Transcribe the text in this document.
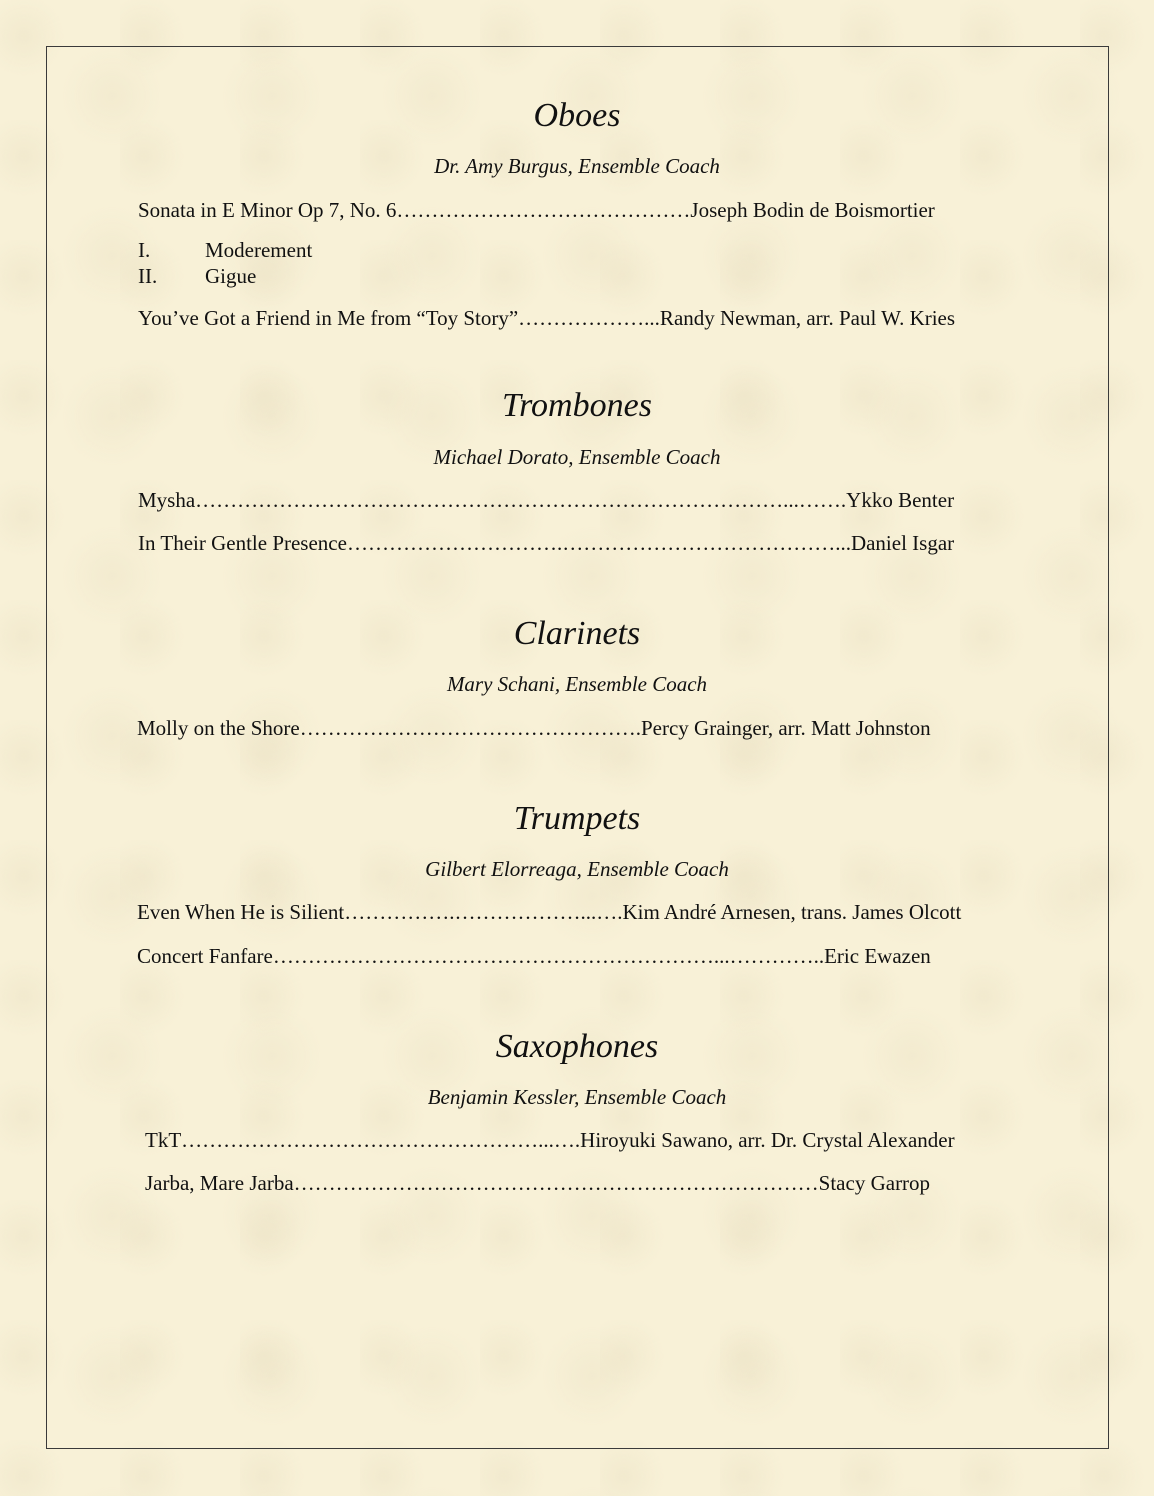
Oboes
Dr. Amy Burgus, Ensemble Coach
Sonata in E Minor Op 7, No. 6……………………………………Joseph Bodin de Boismortier
I.	Moderement
II. Gigue
You’ve Got a Friend in Me from “Toy Story”………………...Randy Newman, arr. Paul W. Kries
Trombones
Michael Dorato, Ensemble Coach
Mysha…………………………………………………………………………...…….Ykko Benter
In Their Gentle Presence………………………….…………………………………...Daniel Isgar
Clarinets
Mary Schani, Ensemble Coach
Molly on the Shore………………………………………….Percy Grainger, arr. Matt Johnston
Trumpets
Gilbert Elorreaga, Ensemble Coach
Even When He is Silient…………….………………...….Kim André Arnesen, trans. James Olcott
Concert Fanfare………………………………………………………...…………..Eric Ewazen
Saxophones
Benjamin Kessler, Ensemble Coach
TkT……………………………………………...….Hiroyuki Sawano, arr. Dr. Crystal Alexander
Jarba, Mare Jarba…………………………………………………………………Stacy Garrop
